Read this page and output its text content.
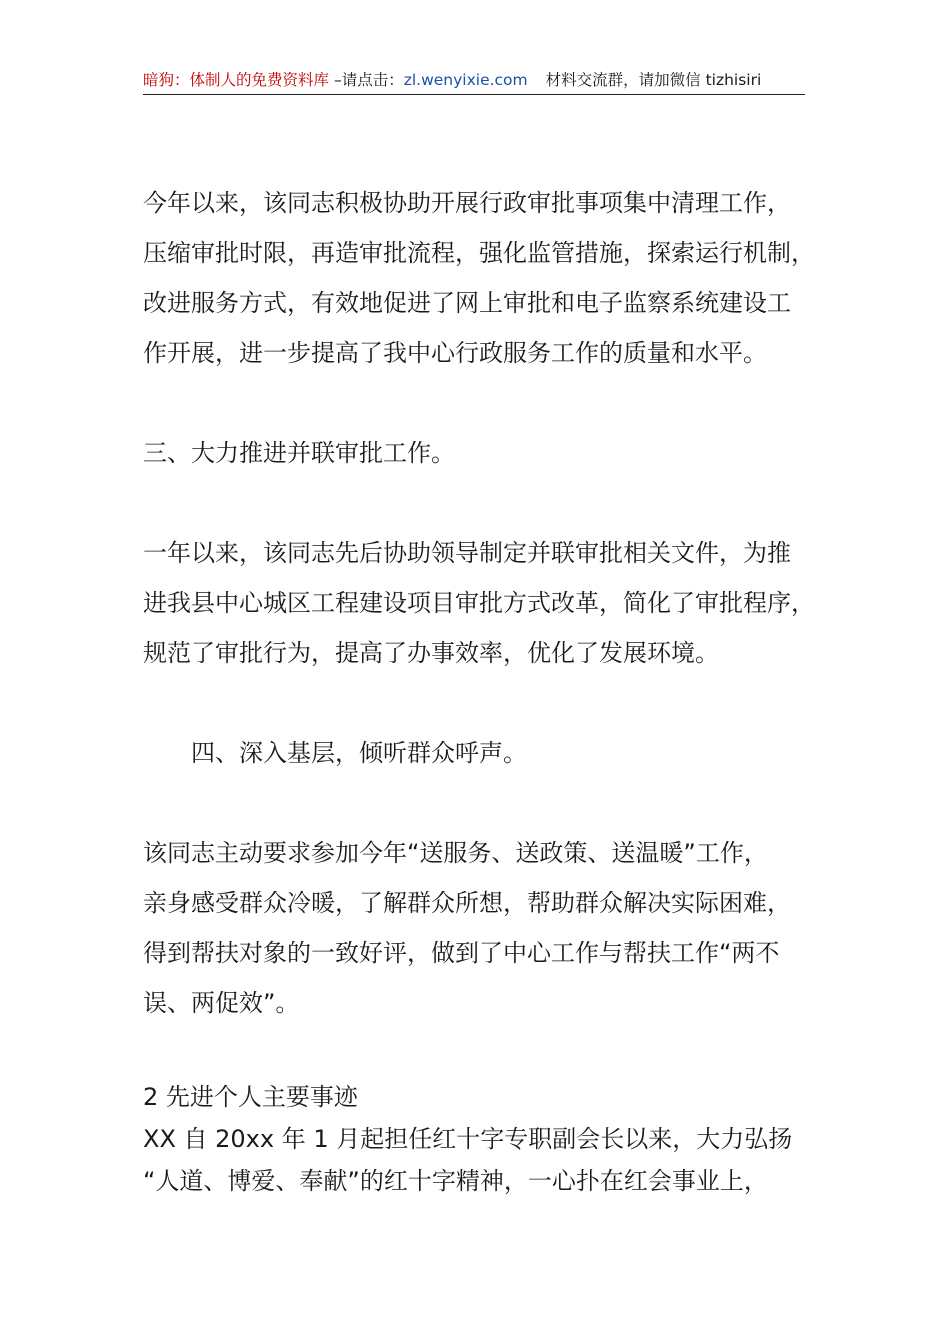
暗狗：体制人的免费资料库 –请点击：zl.wenyixie.com 材料交流群，请加微信 tizhisiri

今年以来，该同志积极协助开展行政审批事项集中清理工作，
压缩审批时限，再造审批流程，强化监管措施，探索运行机制，
改进服务方式，有效地促进了网上审批和电子监察系统建设工
作开展，进一步提高了我中心行政服务工作的质量和水平。

三、大力推进并联审批工作。

一年以来，该同志先后协助领导制定并联审批相关文件，为推
进我县中心城区工程建设项目审批方式改革，简化了审批程序，
规范了审批行为，提高了办事效率，优化了发展环境。

四、深入基层，倾听群众呼声。

该同志主动要求参加今年“送服务、送政策、送温暖”工作，
亲身感受群众冷暖，了解群众所想，帮助群众解决实际困难，
得到帮扶对象的一致好评，做到了中心工作与帮扶工作“两不
误、两促效”。

2 先进个人主要事迹

XX 自 20xx 年 1 月起担任红十字专职副会长以来，大力弘扬
“人道、博爱、奉献”的红十字精神，一心扑在红会事业上，
